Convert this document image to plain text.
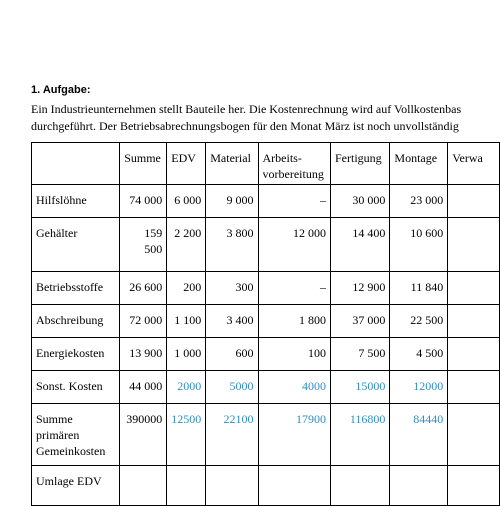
1. Aufgabe:
Ein Industrieunternehmen stellt Bauteile her. Die Kostenrechnung wird auf Vollkostenbas
durchgeführt. Der Betriebsabrechnungsbogen für den Monat März ist noch unvollständig
	Summe	EDV	Material	Arbeits-vorbereitung	Fertigung	Montage	Verwa
Hilfslöhne	74 000	6 000	9 000	–	30 000	23 000	
Gehälter	159 500	2 200	3 800	12 000	14 400	10 600	
Betriebsstoffe	26 600	200	300	–	12 900	11 840	
Abschreibung	72 000	1 100	3 400	1 800	37 000	22 500	
Energiekosten	13 900	1 000	600	100	7 500	4 500	
Sonst. Kosten	44 000	2000	5000	4000	15000	12000	
Summe primären Gemeinkosten	390000	12500	22100	17900	116800	84440	
Umlage EDV							
